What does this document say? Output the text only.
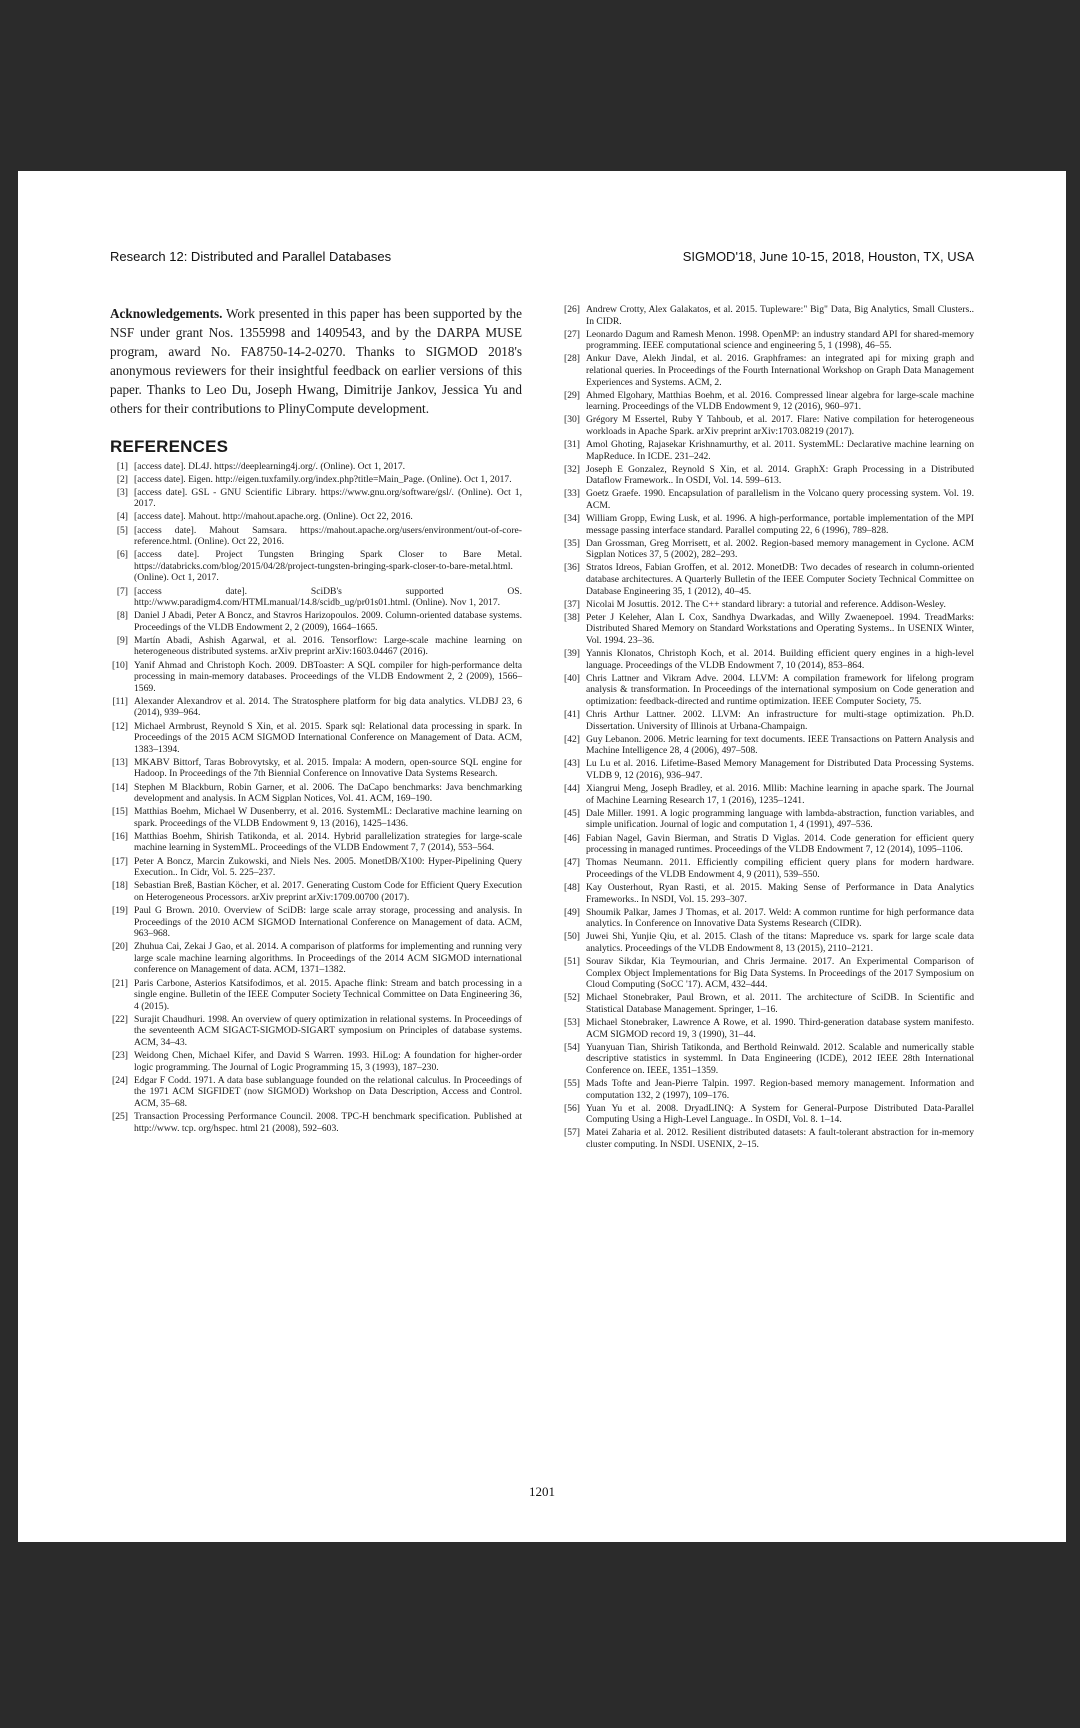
Research 12: Distributed and Parallel Databases	SIGMOD'18, June 10-15, 2018, Houston, TX, USA

Acknowledgements. Work presented in this paper has been supported by the NSF under grant Nos. 1355998 and 1409543, and by the DARPA MUSE program, award No. FA8750-14-2-0270. Thanks to SIGMOD 2018's anonymous reviewers for their insightful feedback on earlier versions of this paper. Thanks to Leo Du, Joseph Hwang, Dimitrije Jankov, Jessica Yu and others for their contributions to PlinyCompute development.

REFERENCES
[1] [access date]. DL4J. https://deeplearning4j.org/. (Online). Oct 1, 2017.
[2] [access date]. Eigen. http://eigen.tuxfamily.org/index.php?title=Main_Page. (Online). Oct 1, 2017.
[3] [access date]. GSL - GNU Scientific Library. https://www.gnu.org/software/gsl/. (Online). Oct 1, 2017.
[4] [access date]. Mahout. http://mahout.apache.org. (Online). Oct 22, 2016.
[5] [access date]. Mahout Samsara. https://mahout.apache.org/users/environment/out-of-core-reference.html. (Online). Oct 22, 2016.
[6] [access date]. Project Tungsten Bringing Spark Closer to Bare Metal. https://databricks.com/blog/2015/04/28/project-tungsten-bringing-spark-closer-to-bare-metal.html. (Online). Oct 1, 2017.
[7] [access date]. SciDB's supported OS. http://www.paradigm4.com/HTMLmanual/14.8/scidb_ug/pr01s01.html. (Online). Nov 1, 2017.
[8] Daniel J Abadi, Peter A Boncz, and Stavros Harizopoulos. 2009. Column-oriented database systems. Proceedings of the VLDB Endowment 2, 2 (2009), 1664–1665.
[9] Martín Abadi, Ashish Agarwal, et al. 2016. Tensorflow: Large-scale machine learning on heterogeneous distributed systems. arXiv preprint arXiv:1603.04467 (2016).
[10] Yanif Ahmad and Christoph Koch. 2009. DBToaster: A SQL compiler for high-performance delta processing in main-memory databases. Proceedings of the VLDB Endowment 2, 2 (2009), 1566–1569.
[11] Alexander Alexandrov et al. 2014. The Stratosphere platform for big data analytics. VLDBJ 23, 6 (2014), 939–964.
[12] Michael Armbrust, Reynold S Xin, et al. 2015. Spark sql: Relational data processing in spark. In Proceedings of the 2015 ACM SIGMOD International Conference on Management of Data. ACM, 1383–1394.
[13] MKABV Bittorf, Taras Bobrovytsky, et al. 2015. Impala: A modern, open-source SQL engine for Hadoop. In Proceedings of the 7th Biennial Conference on Innovative Data Systems Research.
[14] Stephen M Blackburn, Robin Garner, et al. 2006. The DaCapo benchmarks: Java benchmarking development and analysis. In ACM Sigplan Notices, Vol. 41. ACM, 169–190.
[15] Matthias Boehm, Michael W Dusenberry, et al. 2016. SystemML: Declarative machine learning on spark. Proceedings of the VLDB Endowment 9, 13 (2016), 1425–1436.
[16] Matthias Boehm, Shirish Tatikonda, et al. 2014. Hybrid parallelization strategies for large-scale machine learning in SystemML. Proceedings of the VLDB Endowment 7, 7 (2014), 553–564.
[17] Peter A Boncz, Marcin Zukowski, and Niels Nes. 2005. MonetDB/X100: Hyper-Pipelining Query Execution.. In Cidr, Vol. 5. 225–237.
[18] Sebastian Breß, Bastian Köcher, et al. 2017. Generating Custom Code for Efficient Query Execution on Heterogeneous Processors. arXiv preprint arXiv:1709.00700 (2017).
[19] Paul G Brown. 2010. Overview of SciDB: large scale array storage, processing and analysis. In Proceedings of the 2010 ACM SIGMOD International Conference on Management of data. ACM, 963–968.
[20] Zhuhua Cai, Zekai J Gao, et al. 2014. A comparison of platforms for implementing and running very large scale machine learning algorithms. In Proceedings of the 2014 ACM SIGMOD international conference on Management of data. ACM, 1371–1382.
[21] Paris Carbone, Asterios Katsifodimos, et al. 2015. Apache flink: Stream and batch processing in a single engine. Bulletin of the IEEE Computer Society Technical Committee on Data Engineering 36, 4 (2015).
[22] Surajit Chaudhuri. 1998. An overview of query optimization in relational systems. In Proceedings of the seventeenth ACM SIGACT-SIGMOD-SIGART symposium on Principles of database systems. ACM, 34–43.
[23] Weidong Chen, Michael Kifer, and David S Warren. 1993. HiLog: A foundation for higher-order logic programming. The Journal of Logic Programming 15, 3 (1993), 187–230.
[24] Edgar F Codd. 1971. A data base sublanguage founded on the relational calculus. In Proceedings of the 1971 ACM SIGFIDET (now SIGMOD) Workshop on Data Description, Access and Control. ACM, 35–68.
[25] Transaction Processing Performance Council. 2008. TPC-H benchmark specification. Published at http://www. tcp. org/hspec. html 21 (2008), 592–603.
[26] Andrew Crotty, Alex Galakatos, et al. 2015. Tupleware:" Big" Data, Big Analytics, Small Clusters.. In CIDR.
[27] Leonardo Dagum and Ramesh Menon. 1998. OpenMP: an industry standard API for shared-memory programming. IEEE computational science and engineering 5, 1 (1998), 46–55.
[28] Ankur Dave, Alekh Jindal, et al. 2016. Graphframes: an integrated api for mixing graph and relational queries. In Proceedings of the Fourth International Workshop on Graph Data Management Experiences and Systems. ACM, 2.
[29] Ahmed Elgohary, Matthias Boehm, et al. 2016. Compressed linear algebra for large-scale machine learning. Proceedings of the VLDB Endowment 9, 12 (2016), 960–971.
[30] Grégory M Essertel, Ruby Y Tahboub, et al. 2017. Flare: Native compilation for heterogeneous workloads in Apache Spark. arXiv preprint arXiv:1703.08219 (2017).
[31] Amol Ghoting, Rajasekar Krishnamurthy, et al. 2011. SystemML: Declarative machine learning on MapReduce. In ICDE. 231–242.
[32] Joseph E Gonzalez, Reynold S Xin, et al. 2014. GraphX: Graph Processing in a Distributed Dataflow Framework.. In OSDI, Vol. 14. 599–613.
[33] Goetz Graefe. 1990. Encapsulation of parallelism in the Volcano query processing system. Vol. 19. ACM.
[34] William Gropp, Ewing Lusk, et al. 1996. A high-performance, portable implementation of the MPI message passing interface standard. Parallel computing 22, 6 (1996), 789–828.
[35] Dan Grossman, Greg Morrisett, et al. 2002. Region-based memory management in Cyclone. ACM Sigplan Notices 37, 5 (2002), 282–293.
[36] Stratos Idreos, Fabian Groffen, et al. 2012. MonetDB: Two decades of research in column-oriented database architectures. A Quarterly Bulletin of the IEEE Computer Society Technical Committee on Database Engineering 35, 1 (2012), 40–45.
[37] Nicolai M Josuttis. 2012. The C++ standard library: a tutorial and reference. Addison-Wesley.
[38] Peter J Keleher, Alan L Cox, Sandhya Dwarkadas, and Willy Zwaenepoel. 1994. TreadMarks: Distributed Shared Memory on Standard Workstations and Operating Systems.. In USENIX Winter, Vol. 1994. 23–36.
[39] Yannis Klonatos, Christoph Koch, et al. 2014. Building efficient query engines in a high-level language. Proceedings of the VLDB Endowment 7, 10 (2014), 853–864.
[40] Chris Lattner and Vikram Adve. 2004. LLVM: A compilation framework for lifelong program analysis & transformation. In Proceedings of the international symposium on Code generation and optimization: feedback-directed and runtime optimization. IEEE Computer Society, 75.
[41] Chris Arthur Lattner. 2002. LLVM: An infrastructure for multi-stage optimization. Ph.D. Dissertation. University of Illinois at Urbana-Champaign.
[42] Guy Lebanon. 2006. Metric learning for text documents. IEEE Transactions on Pattern Analysis and Machine Intelligence 28, 4 (2006), 497–508.
[43] Lu Lu et al. 2016. Lifetime-Based Memory Management for Distributed Data Processing Systems. VLDB 9, 12 (2016), 936–947.
[44] Xiangrui Meng, Joseph Bradley, et al. 2016. Mllib: Machine learning in apache spark. The Journal of Machine Learning Research 17, 1 (2016), 1235–1241.
[45] Dale Miller. 1991. A logic programming language with lambda-abstraction, function variables, and simple unification. Journal of logic and computation 1, 4 (1991), 497–536.
[46] Fabian Nagel, Gavin Bierman, and Stratis D Viglas. 2014. Code generation for efficient query processing in managed runtimes. Proceedings of the VLDB Endowment 7, 12 (2014), 1095–1106.
[47] Thomas Neumann. 2011. Efficiently compiling efficient query plans for modern hardware. Proceedings of the VLDB Endowment 4, 9 (2011), 539–550.
[48] Kay Ousterhout, Ryan Rasti, et al. 2015. Making Sense of Performance in Data Analytics Frameworks.. In NSDI, Vol. 15. 293–307.
[49] Shoumik Palkar, James J Thomas, et al. 2017. Weld: A common runtime for high performance data analytics. In Conference on Innovative Data Systems Research (CIDR).
[50] Juwei Shi, Yunjie Qiu, et al. 2015. Clash of the titans: Mapreduce vs. spark for large scale data analytics. Proceedings of the VLDB Endowment 8, 13 (2015), 2110–2121.
[51] Sourav Sikdar, Kia Teymourian, and Chris Jermaine. 2017. An Experimental Comparison of Complex Object Implementations for Big Data Systems. In Proceedings of the 2017 Symposium on Cloud Computing (SoCC '17). ACM, 432–444.
[52] Michael Stonebraker, Paul Brown, et al. 2011. The architecture of SciDB. In Scientific and Statistical Database Management. Springer, 1–16.
[53] Michael Stonebraker, Lawrence A Rowe, et al. 1990. Third-generation database system manifesto. ACM SIGMOD record 19, 3 (1990), 31–44.
[54] Yuanyuan Tian, Shirish Tatikonda, and Berthold Reinwald. 2012. Scalable and numerically stable descriptive statistics in systemml. In Data Engineering (ICDE), 2012 IEEE 28th International Conference on. IEEE, 1351–1359.
[55] Mads Tofte and Jean-Pierre Talpin. 1997. Region-based memory management. Information and computation 132, 2 (1997), 109–176.
[56] Yuan Yu et al. 2008. DryadLINQ: A System for General-Purpose Distributed Data-Parallel Computing Using a High-Level Language.. In OSDI, Vol. 8. 1–14.
[57] Matei Zaharia et al. 2012. Resilient distributed datasets: A fault-tolerant abstraction for in-memory cluster computing. In NSDI. USENIX, 2–15.
1201
